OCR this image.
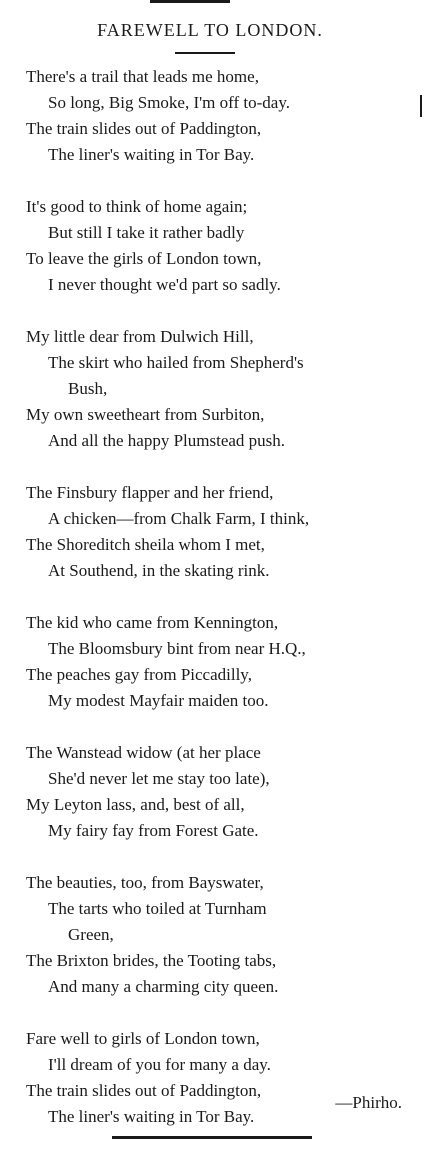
FAREWELL TO LONDON.
There's a trail that leads me home,
So long, Big Smoke, I'm off to-day.
The train slides out of Paddington,
The liner's waiting in Tor Bay.
It's good to think of home again;
But still I take it rather badly
To leave the girls of London town,
I never thought we'd part so sadly.
My little dear from Dulwich Hill,
The skirt who hailed from Shepherd's
Bush,
My own sweetheart from Surbiton,
And all the happy Plumstead push.
The Finsbury flapper and her friend,
A chicken—from Chalk Farm, I think,
The Shoreditch sheila whom I met,
At Southend, in the skating rink.
The kid who came from Kennington,
The Bloomsbury bint from near H.Q.,
The peaches gay from Piccadilly,
My modest Mayfair maiden too.
The Wanstead widow (at her place
She'd never let me stay too late),
My Leyton lass, and, best of all,
My fairy fay from Forest Gate.
The beauties, too, from Bayswater,
The tarts who toiled at Turnham
Green,
The Brixton brides, the Tooting tabs,
And many a charming city queen.
Fare well to girls of London town,
I'll dream of you for many a day.
The train slides out of Paddington,
The liner's waiting in Tor Bay.
—Phirho.
